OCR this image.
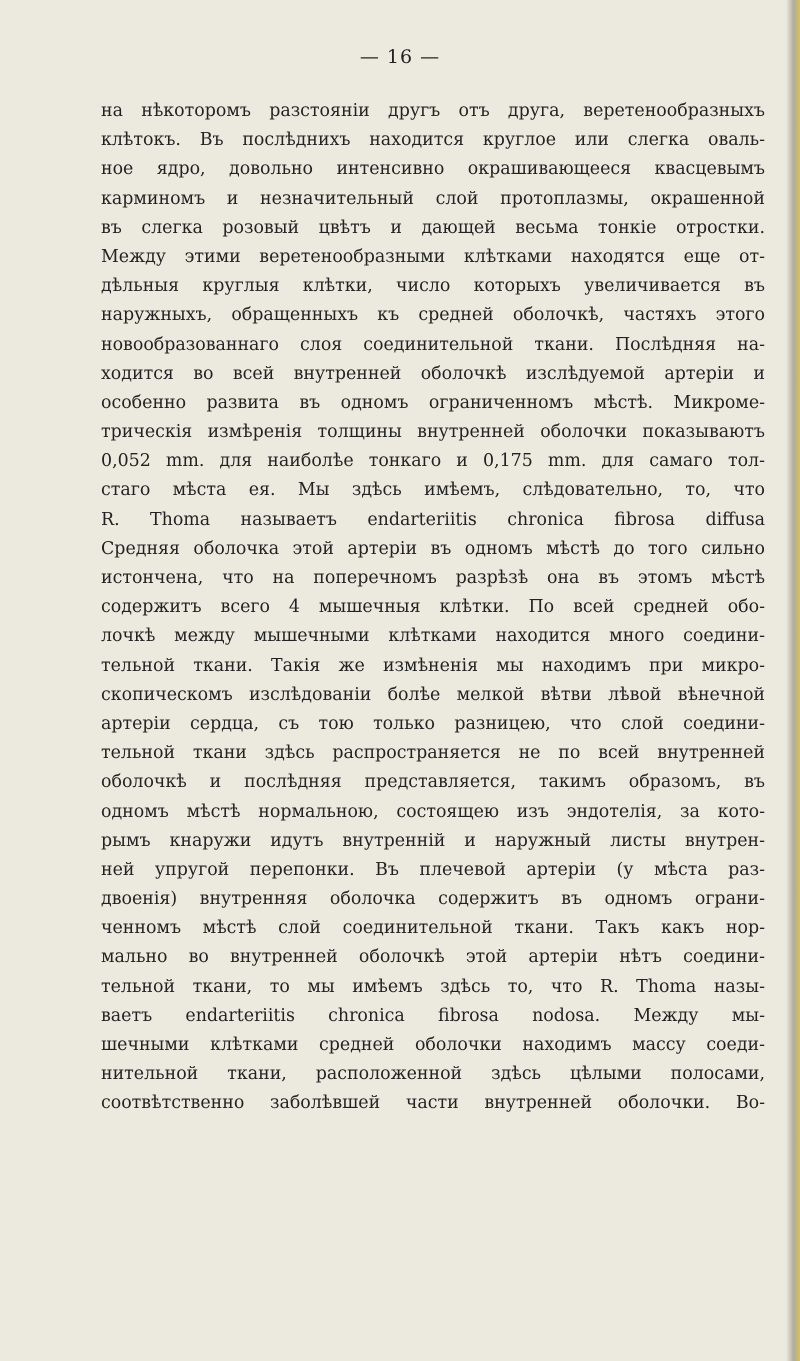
— 16 —
на нѣкоторомъ разстояніи другъ отъ друга, веретенообразныхъ
клѣтокъ. Въ послѣднихъ находится круглое или слегка оваль-
ное ядро, довольно интенсивно окрашивающееся квасцевымъ
карминомъ и незначительный слой протоплазмы, окрашенной
въ слегка розовый цвѣтъ и дающей весьма тонкіе отростки.
Между этими веретенообразными клѣтками находятся еще от-
дѣльныя круглыя клѣтки, число которыхъ увеличивается въ
наружныхъ, обращенныхъ къ средней оболочкѣ, частяхъ этого
новообразованнаго слоя соединительной ткани. Послѣдняя на-
ходится во всей внутренней оболочкѣ изслѣдуемой артеріи и
особенно развита въ одномъ ограниченномъ мѣстѣ. Микроме-
трическія измѣренія толщины внутренней оболочки показываютъ
0,052 mm. для наиболѣе тонкаго и 0,175 mm. для самаго тол-
стаго мѣста ея. Мы здѣсь имѣемъ, слѣдовательно, то, что
R. Thoma называетъ endarteriitis chronica fibrosa diffusa
Средняя оболочка этой артеріи въ одномъ мѣстѣ до того сильно
истончена, что на поперечномъ разрѣзѣ она въ этомъ мѣстѣ
содержитъ всего 4 мышечныя клѣтки. По всей средней обо-
лочкѣ между мышечными клѣтками находится много соедини-
тельной ткани. Такія же измѣненія мы находимъ при микро-
скопическомъ изслѣдованіи болѣе мелкой вѣтви лѣвой вѣнечной
артеріи сердца, съ тою только разницею, что слой соедини-
тельной ткани здѣсь распространяется не по всей внутренней
оболочкѣ и послѣдняя представляется, такимъ образомъ, въ
одномъ мѣстѣ нормальною, состоящею изъ эндотелія, за кото-
рымъ кнаружи идутъ внутренній и наружный листы внутрен-
ней упругой перепонки. Въ плечевой артеріи (у мѣста раз-
двоенія) внутренняя оболочка содержитъ въ одномъ ограни-
ченномъ мѣстѣ слой соединительной ткани. Такъ какъ нор-
мально во внутренней оболочкѣ этой артеріи нѣтъ соедини-
тельной ткани, то мы имѣемъ здѣсь то, что R. Thoma назы-
ваетъ endarteriitis chronica fibrosa nodosa. Между мы-
шечными клѣтками средней оболочки находимъ массу соеди-
нительной ткани, расположенной здѣсь цѣлыми полосами,
соотвѣтственно заболѣвшей части внутренней оболочки. Во-
